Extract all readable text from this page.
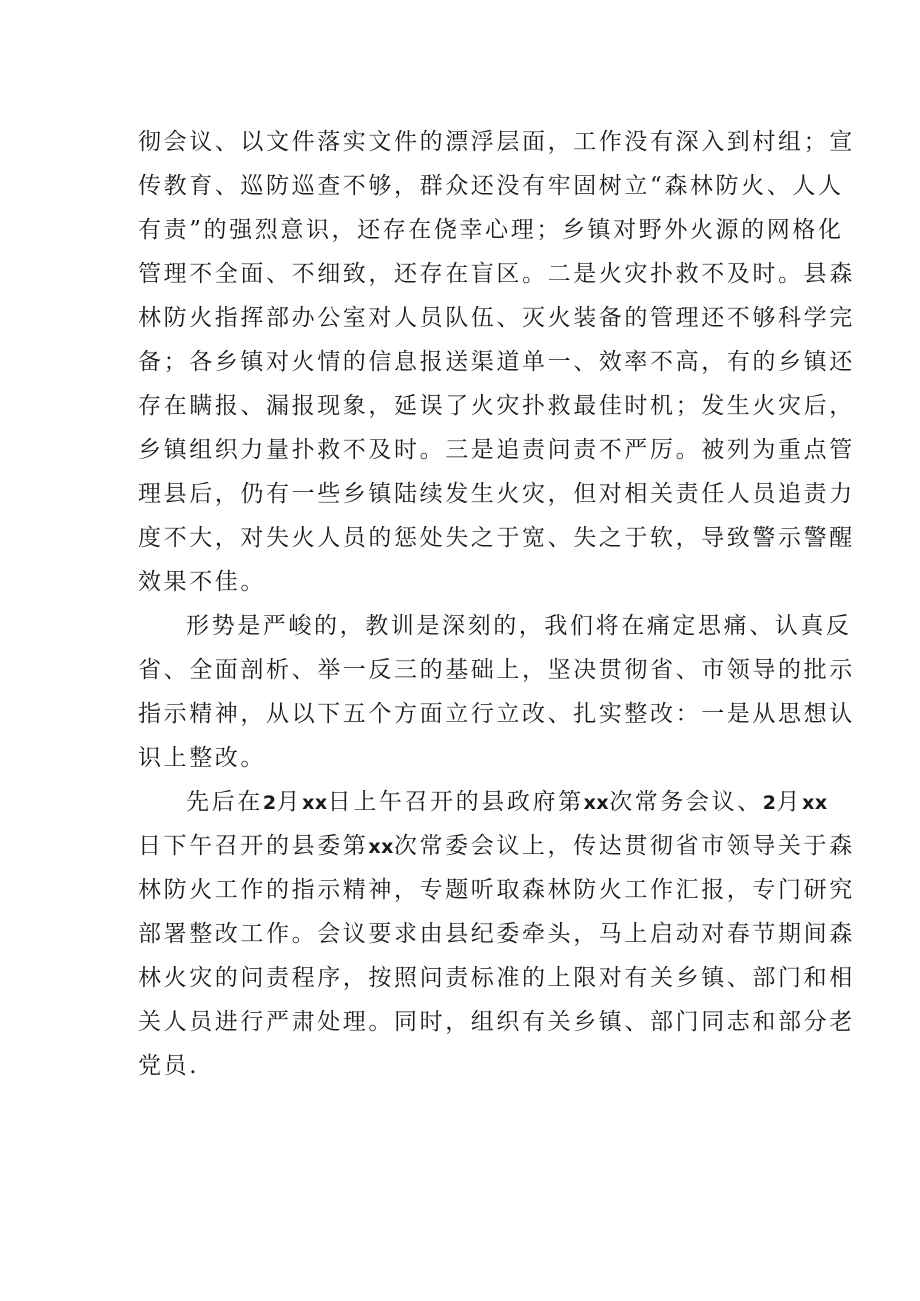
彻会议、以文件落实文件的漂浮层面，工作没有深入到村组；宣
传教育、巡防巡查不够，群众还没有牢固树立“森林防火、人人
有责”的强烈意识，还存在侥幸心理；乡镇对野外火源的网格化
管理不全面、不细致，还存在盲区。二是火灾扑救不及时。县森
林防火指挥部办公室对人员队伍、灭火装备的管理还不够科学完
备；各乡镇对火情的信息报送渠道单一、效率不高，有的乡镇还
存在瞒报、漏报现象，延误了火灾扑救最佳时机；发生火灾后，
乡镇组织力量扑救不及时。三是追责问责不严厉。被列为重点管
理县后，仍有一些乡镇陆续发生火灾，但对相关责任人员追责力
度不大，对失火人员的惩处失之于宽、失之于软，导致警示警醒
效果不佳。
形势是严峻的，教训是深刻的，我们将在痛定思痛、认真反
省、全面剖析、举一反三的基础上，坚决贯彻省、市领导的批示
指示精神，从以下五个方面立行立改、扎实整改：一是从思想认
识上整改。
先后在2月xx日上午召开的县政府第xx次常务会议、2月xx
日下午召开的县委第xx次常委会议上，传达贯彻省市领导关于森
林防火工作的指示精神，专题听取森林防火工作汇报，专门研究
部署整改工作。会议要求由县纪委牵头，马上启动对春节期间森
林火灾的问责程序，按照问责标准的上限对有关乡镇、部门和相
关人员进行严肃处理。同时，组织有关乡镇、部门同志和部分老
党员.
